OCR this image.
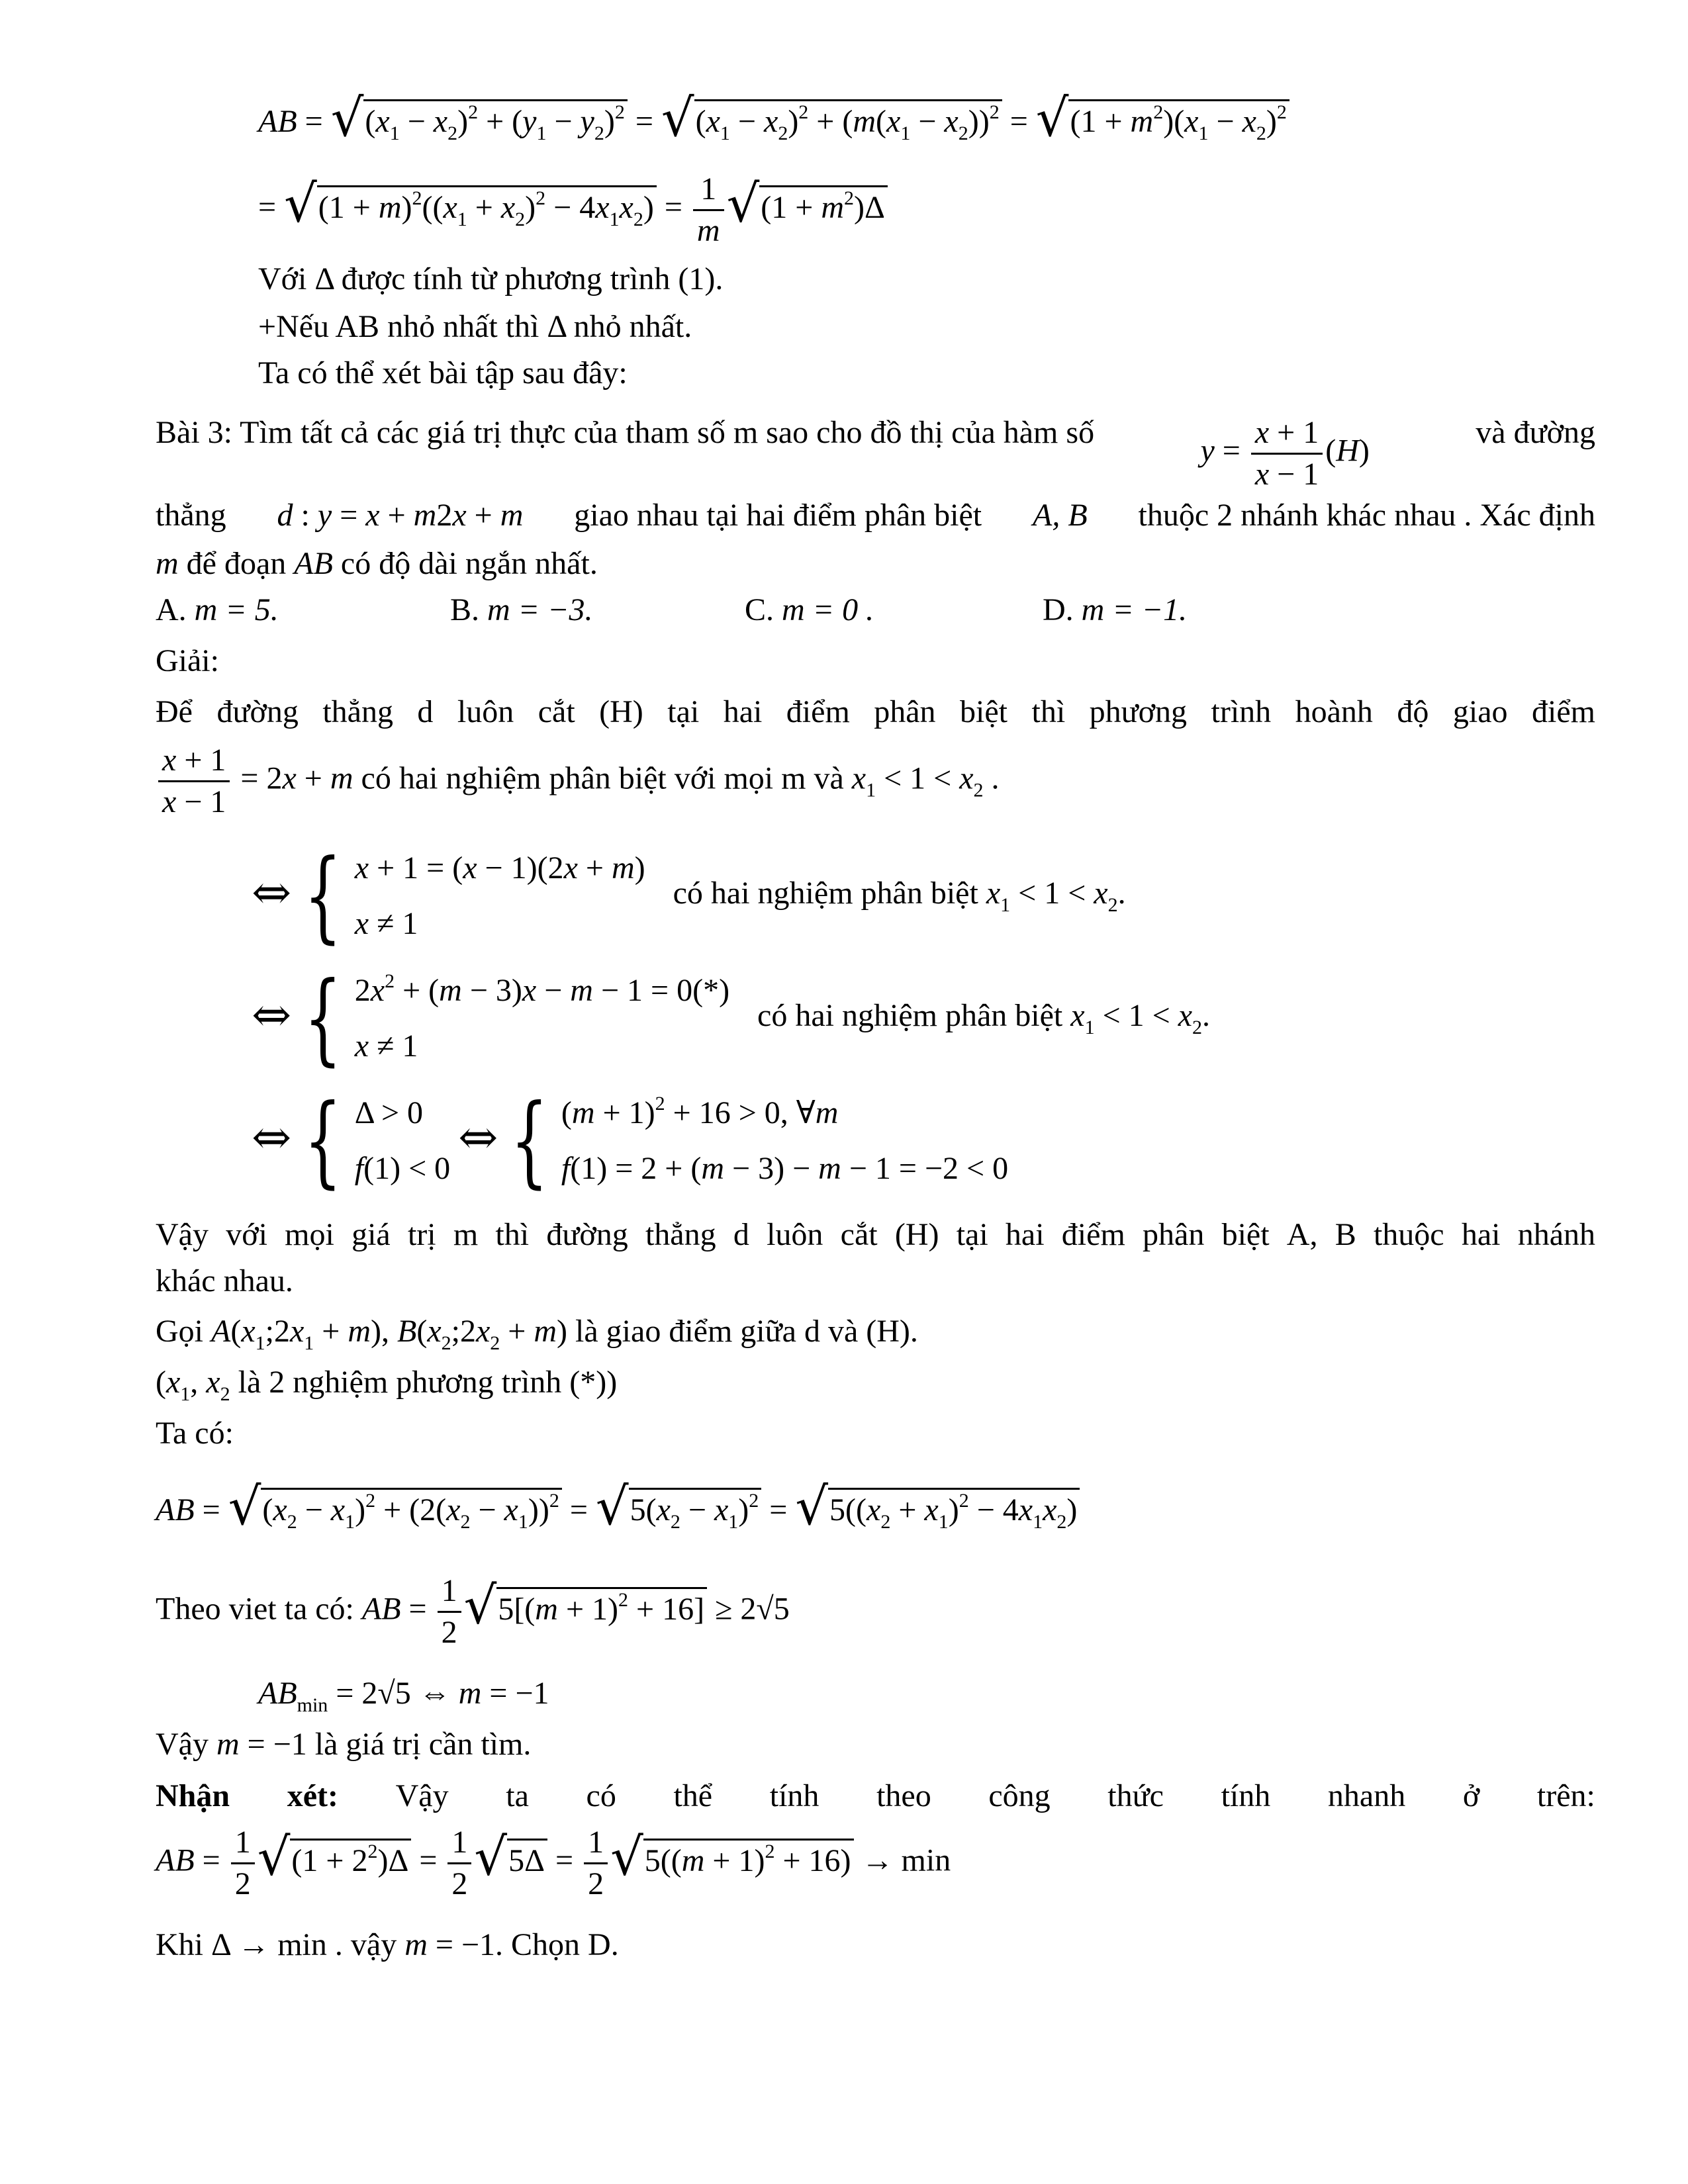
AB = $√(x_1 - x_2)^2 + (y_1 - y_2)^2 = √(x_1 - x_2)^2 + (m(x_1 - x_2))^2 = √(1 + m^2)(x_1 - x_2)^2$
= $√(1 + m)^2((x_1 + x_2)^2 - 4x_1x_2) = \frac{1}{m} √(1 + m^2)\Delta$
Với Δ được tính từ phương trình (1).
+Nếu AB nhỏ nhất thì Δ nhỏ nhất.
Ta có thể xét bài tập sau đây:
Bài 3: Tìm tất cả các giá trị thực của tham số m sao cho đồ thị của hàm số
$y = \frac{x + 1}{x - 1} (H)$
và đường
thẳng d : y = x + m2x + m giao nhau tại hai điểm phân biệt A, B thuộc 2 nhánh khác nhau . Xác định
m để đoạn AB có độ dài ngắn nhất.
A. m = 5.	B. m = −3.	C. m = 0 .	D. m = −1.
Giải:
Để đường thẳng d luôn cắt (H) tại hai điểm phân biệt thì phương trình hoành độ giao điểm
$\frac{x + 1}{x - 1} = 2x + m$ có hai nghiệm phân biệt với mọi m và $x_1 < 1 < x_2$ .
⇔ { x + 1 = (x − 1)(2x + m)
x ≠ 1 có hai nghiệm phân biệt $x_1 < 1 < x_2$.
⇔ { $2x^2 + (m - 3)x - m - 1 = 0(*)$
x ≠ 1 có hai nghiệm phân biệt $x_1 < 1 < x_2$.
⇔ { Δ > 0
f(1) < 0 ⇔ { $(m + 1)^2 + 16 > 0$, ∀m
f(1) = 2 + (m − 3) − m − 1 = −2 < 0
Vậy với mọi giá trị m thì đường thẳng d luôn cắt (H) tại hai điểm phân biệt A, B thuộc hai nhánh
khác nhau.
Gọi $A(x_1;2x_1 + m)$, $B(x_2;2x_2 + m)$ là giao điểm giữa d và (H).
($x_1$, $x_2$ là 2 nghiệm phương trình (*))
Ta có:
AB = $√(x_2 - x_1)^2 + (2(x_2 - x_1))^2 = √5(x_2 - x_1)^2 = √5((x_2 + x_1)^2 - 4x_1x_2)$
Theo viet ta có: AB = $\frac{1}{2} √5[(m + 1)^2 + 16] \ge 2√5$
$AB_{min} = 2√5$ ⇔ m = −1
Vậy m = −1 là giá trị cần tìm.
Nhận xét: Vậy ta có thể tính theo công thức tính nhanh ở trên:
AB = $\frac{1}{2} √(1 + 2^2)\Delta = \frac{1}{2} √5\Delta = \frac{1}{2} √5((m + 1)^2 + 16) \to \min$
Khi Δ → min . vậy m = −1. Chọn D.
